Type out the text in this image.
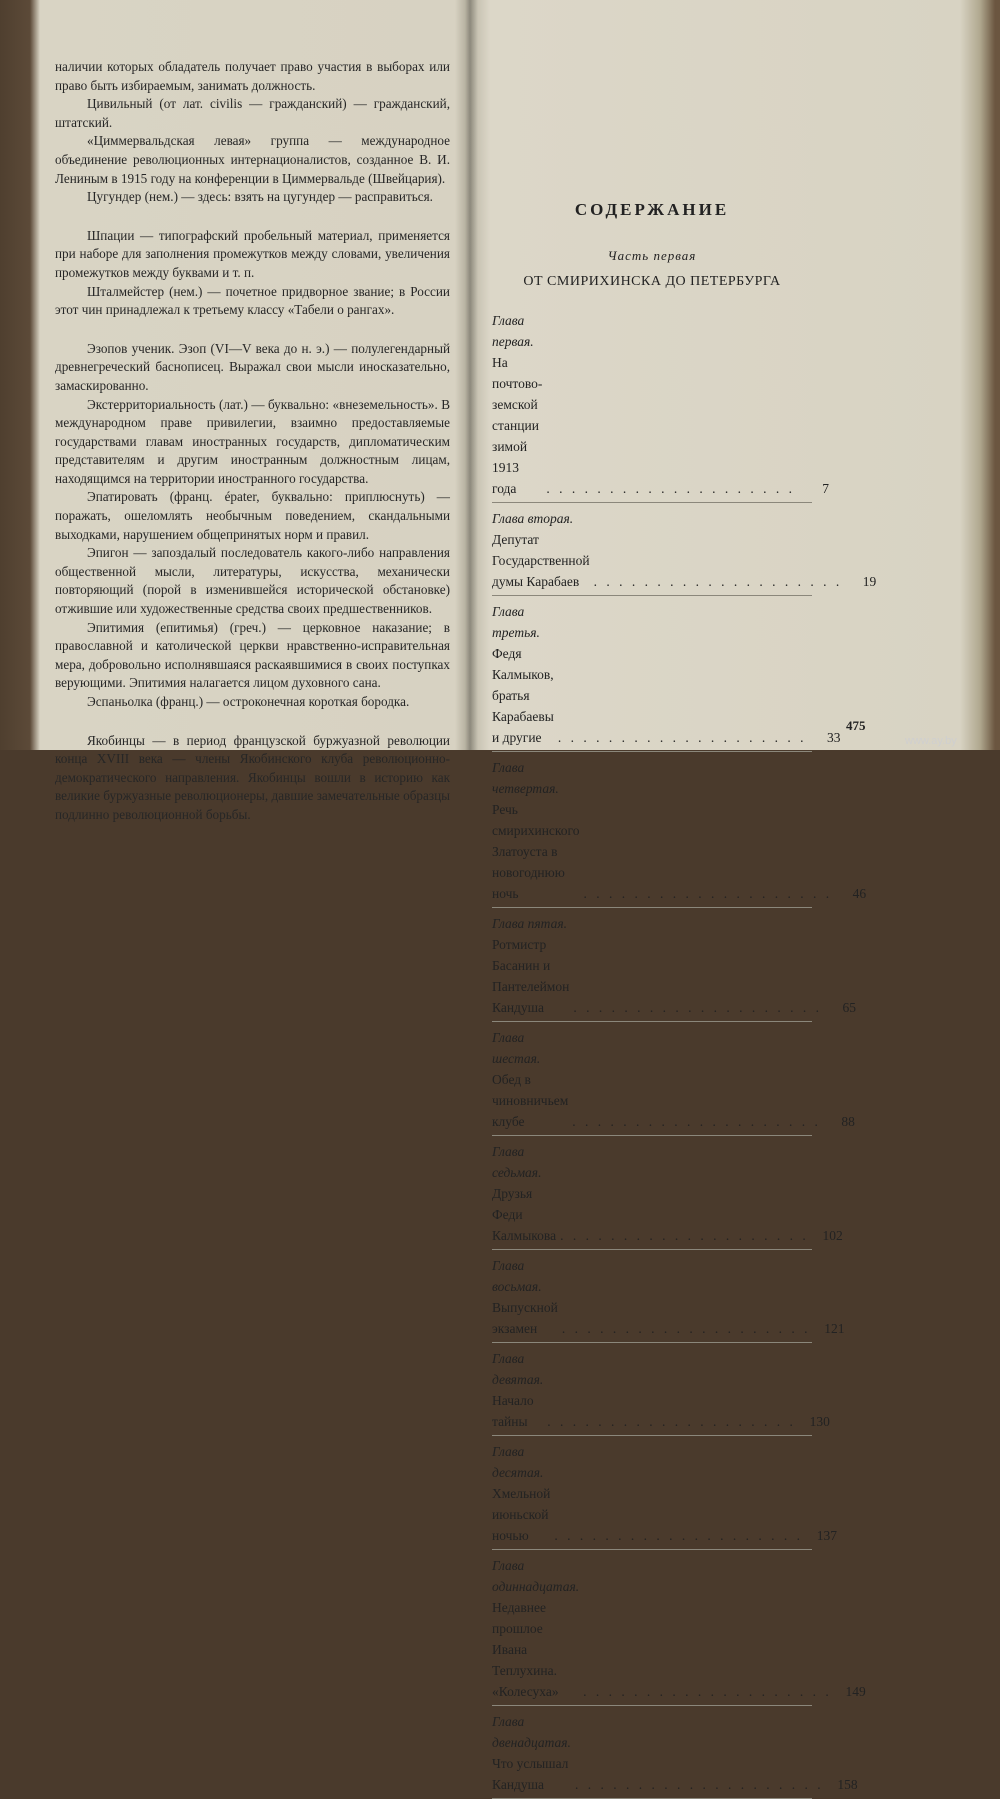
наличии которых обладатель получает право участия в выборах или право быть избираемым, занимать должность.

Цивильный (от лат. civilis — гражданский) — гражданский, штатский.

«Циммервальдская левая» группа — международное объединение революционных интернационалистов, созданное В. И. Лениным в 1915 году на конференции в Циммервальде (Швейцария).

Цугундер (нем.) — здесь: взять на цугундер — расправиться.

Шпации — типографский пробельный материал, применяется при наборе для заполнения промежутков между словами, увеличения промежутков между буквами и т. п.

Шталмейстер (нем.) — почетное придворное звание; в России этот чин принадлежал к третьему классу «Табели о рангах».

Эзопов ученик. Эзоп (VI—V века до н. э.) — полулегендарный древнегреческий баснописец. Выражал свои мысли иносказательно, замаскированно.

Экстерриториальность (лат.) — буквально: «внеземельность». В международном праве привилегии, взаимно предоставляемые государствами главам иностранных государств, дипломатическим представителям и другим иностранным должностным лицам, находящимся на территории иностранного государства.

Эпатировать (франц. épater, буквально: приплюснуть) — поражать, ошеломлять необычным поведением, скандальными выходками, нарушением общепринятых норм и правил.

Эпигон — запоздалый последователь какого-либо направления общественной мысли, литературы, искусства, механически повторяющий (порой в изменившейся исторической обстановке) отжившие или художественные средства своих предшественников.

Эпитимия (епитимья) (греч.) — церковное наказание; в православной и католической церкви нравственно-исправительная мера, добровольно исполнявшаяся раскаявшимися в своих поступках верующими. Эпитимия налагается лицом духовного сана.

Эспаньолка (франц.) — остроконечная короткая бородка.

Якобинцы — в период французской буржуазной революции конца XVIII века — члены Якобинского клуба революционно-демократического направления. Якобинцы вошли в историю как великие буржуазные революционеры, давшие замечательные образцы подлинно революционной борьбы.

СОДЕРЖАНИЕ
Часть первая
ОТ СМИРИХИНСКА ДО ПЕТЕРБУРГА
Глава первая. На почтово-земской станции зимой 1913 года	. . . . . . . . . . . . . . . . . . . .	7
Глава вторая. Депутат Государственной думы Карабаев	. . . . . . . . . . . . . . . . . . . .	19
Глава третья. Федя Калмыков, братья Карабаевы и другие	. . . . . . . . . . . . . . . . . . . .	33
Глава четвертая. Речь смирихинского Златоуста в новогоднюю ночь	. . . . . . . . . . . . . . . . . . . .	46
Глава пятая. Ротмистр Басанин и Пантелеймон Кандуша	. . . . . . . . . . . . . . . . . . . .	65
Глава шестая. Обед в чиновничьем клубе	. . . . . . . . . . . . . . . . . . . .	88
Глава седьмая. Друзья Феди Калмыкова . . . . . . . . . . . . . . . . . . . .	102
Глава восьмая. Выпускной экзамен	. . . . . . . . . . . . . . . . . . . .	121
Глава девятая. Начало тайны	. . . . . . . . . . . . . . . . . . . .	130
Глава десятая. Хмельной июньской ночью	. . . . . . . . . . . . . . . . . . . .	137
Глава одиннадцатая. Недавнее прошлое Ивана Теплухина. «Колесуха»	. . . . . . . . . . . . . . . . . . . .	149
Глава двенадцатая. Что услышал Кандуша	. . . . . . . . . . . . . . . . . . . .	158
475
www.ay.by
